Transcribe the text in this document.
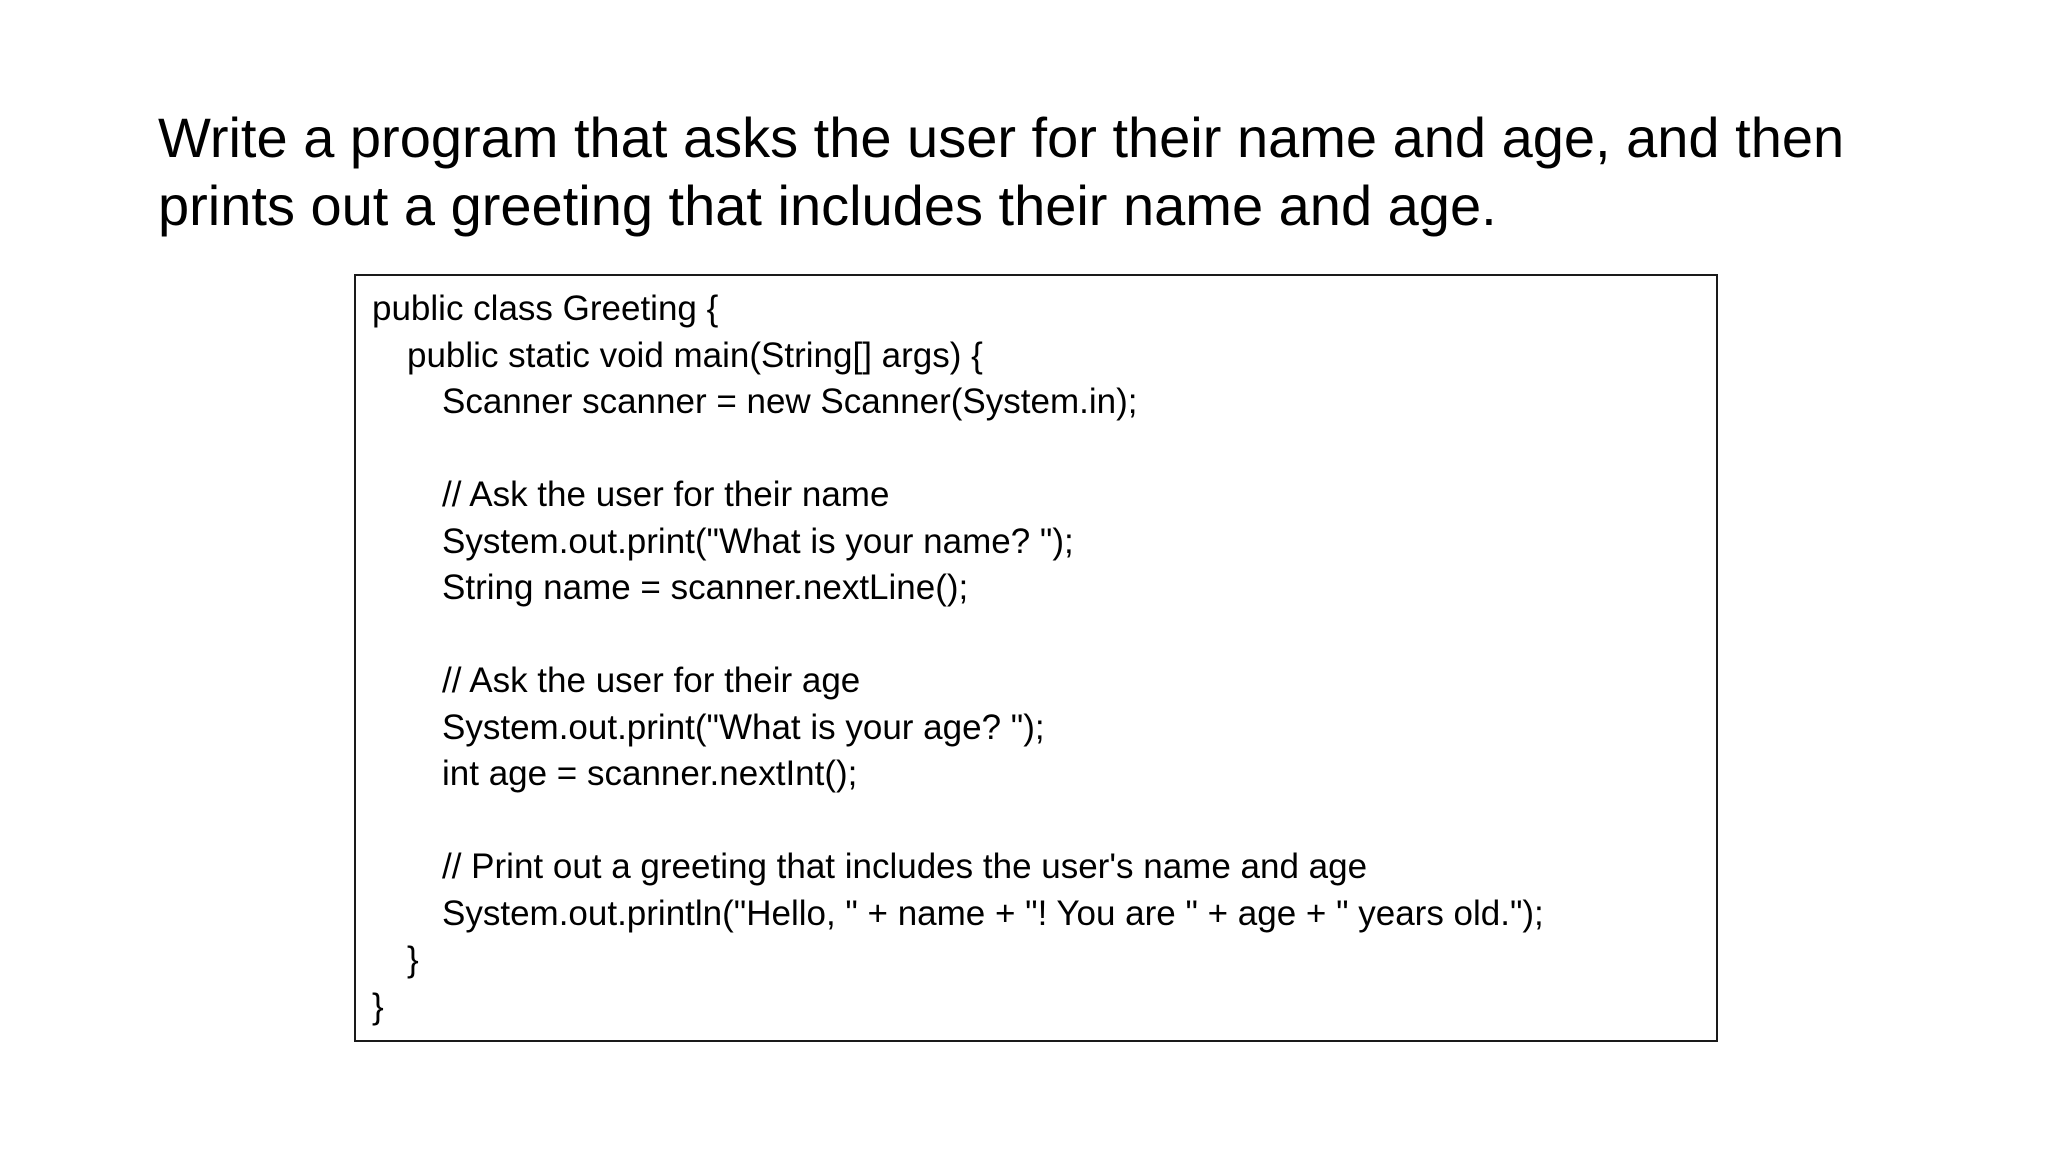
Write a program that asks the user for their name and age, and then
prints out a greeting that includes their name and age.
public class Greeting {
public static void main(String[] args) {
Scanner scanner = new Scanner(System.in);
// Ask the user for their name
System.out.print("What is your name? ");
String name = scanner.nextLine();
// Ask the user for their age
System.out.print("What is your age? ");
int age = scanner.nextInt();
// Print out a greeting that includes the user's name and age
System.out.println("Hello, " + name + "! You are " + age + " years old.");
}
}
